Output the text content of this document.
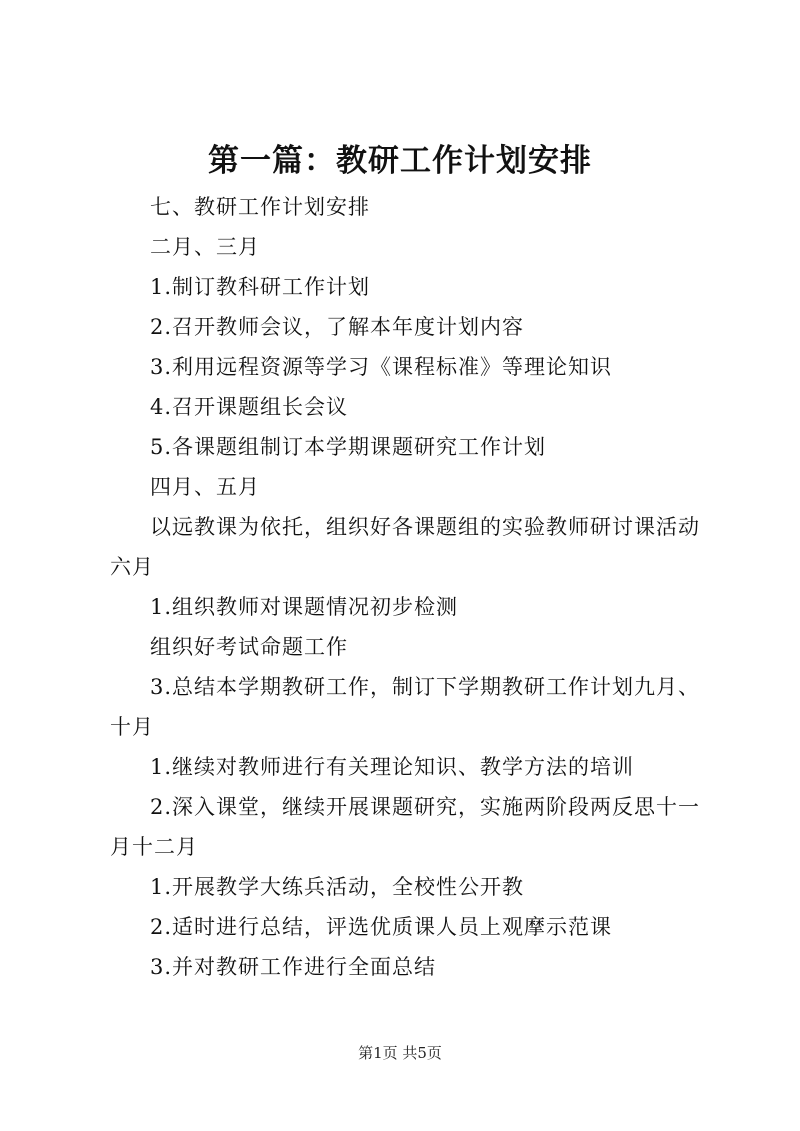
第一篇：教研工作计划安排

七、教研工作计划安排

二月、三月

1.制订教科研工作计划

2.召开教师会议，了解本年度计划内容

3.利用远程资源等学习《课程标准》等理论知识

4.召开课题组长会议

5.各课题组制订本学期课题研究工作计划

四月、五月

以远教课为依托，组织好各课题组的实验教师研讨课活动六月

1.组织教师对课题情况初步检测

组织好考试命题工作

3.总结本学期教研工作，制订下学期教研工作计划九月、十月

1.继续对教师进行有关理论知识、教学方法的培训

2.深入课堂，继续开展课题研究，实施两阶段两反思十一月十二月

1.开展教学大练兵活动，全校性公开教

2.适时进行总结，评选优质课人员上观摩示范课

3.并对教研工作进行全面总结

第1页 共5页
